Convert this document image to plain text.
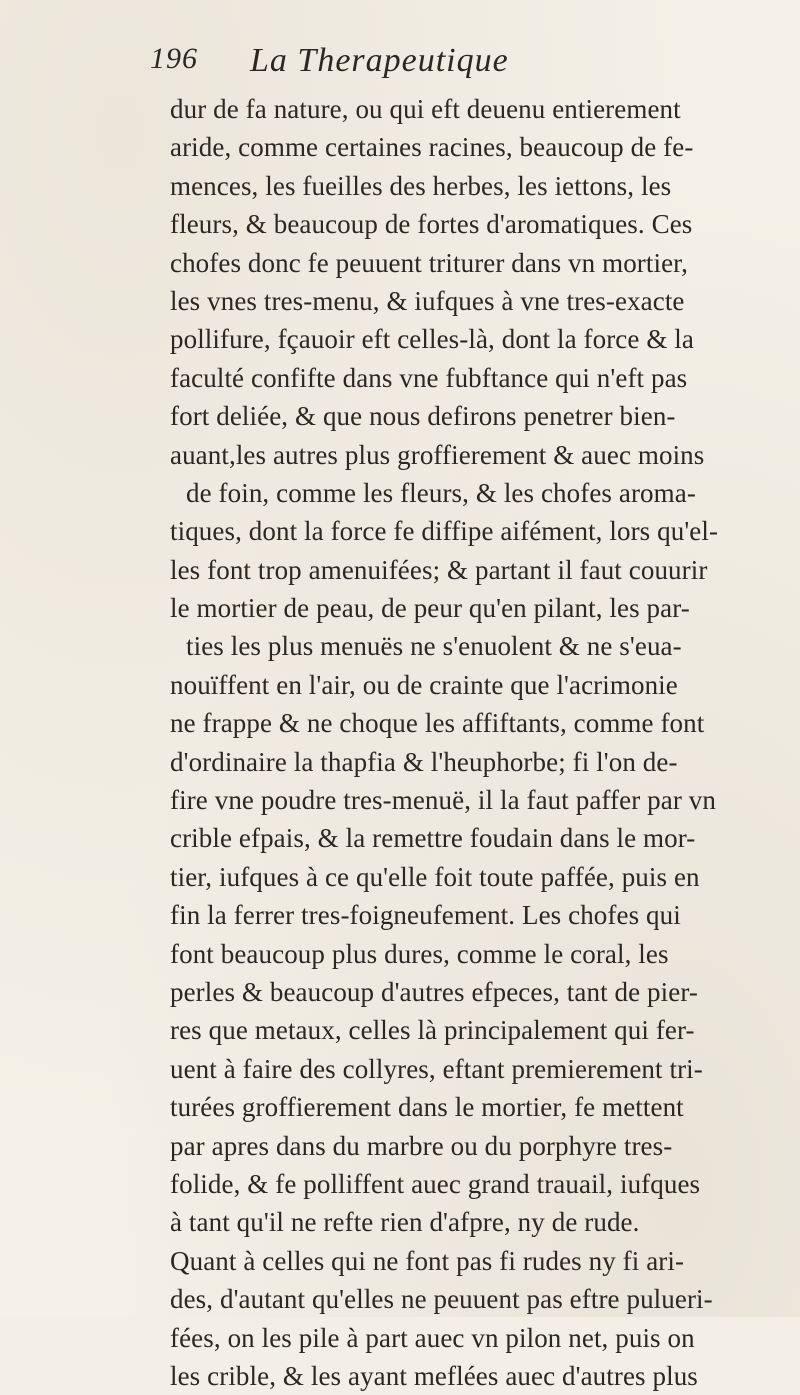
196 La Therapeutique
dur de fa nature, ou qui eft deuenu entierement
aride, comme certaines racines, beaucoup de fe-
mences, les fueilles des herbes, les iettons, les
fleurs, & beaucoup de fortes d'aromatiques. Ces
chofes donc fe peuuent triturer dans vn mortier,
les vnes tres-menu, & iufques à vne tres-exacte
pollifure, fçauoir eft celles-là, dont la force & la
faculté confifte dans vne fubftance qui n'eft pas
fort deliée, & que nous defirons penetrer bien-
auant,les autres plus groffierement & auec moins
de foin, comme les fleurs, & les chofes aroma-
tiques, dont la force fe diffipe aifément, lors qu'el-
les font trop amenuifées; & partant il faut couurir
le mortier de peau, de peur qu'en pilant, les par-
ties les plus menuës ne s'enuolent & ne s'eua-
nouïffent en l'air, ou de crainte que l'acrimonie
ne frappe & ne choque les affiftants, comme font
d'ordinaire la thapfia & l'heuphorbe; fi l'on de-
fire vne poudre tres-menuë, il la faut paffer par vn
crible efpais, & la remettre foudain dans le mor-
tier, iufques à ce qu'elle foit toute paffée, puis en
fin la ferrer tres-foigneufement. Les chofes qui
font beaucoup plus dures, comme le coral, les
perles & beaucoup d'autres efpeces, tant de pier-
res que metaux, celles là principalement qui fer-
uent à faire des collyres, eftant premierement tri-
turées groffierement dans le mortier, fe mettent
par apres dans du marbre ou du porphyre tres-
folide, & fe polliffent auec grand trauail, iufques
à tant qu'il ne refte rien d'afpre, ny de rude.
Quant à celles qui ne font pas fi rudes ny fi ari-
des, d'autant qu'elles ne peuuent pas eftre pulueri-
fées, on les pile à part auec vn pilon net, puis on
les crible, & les ayant meflées auec d'autres plus
